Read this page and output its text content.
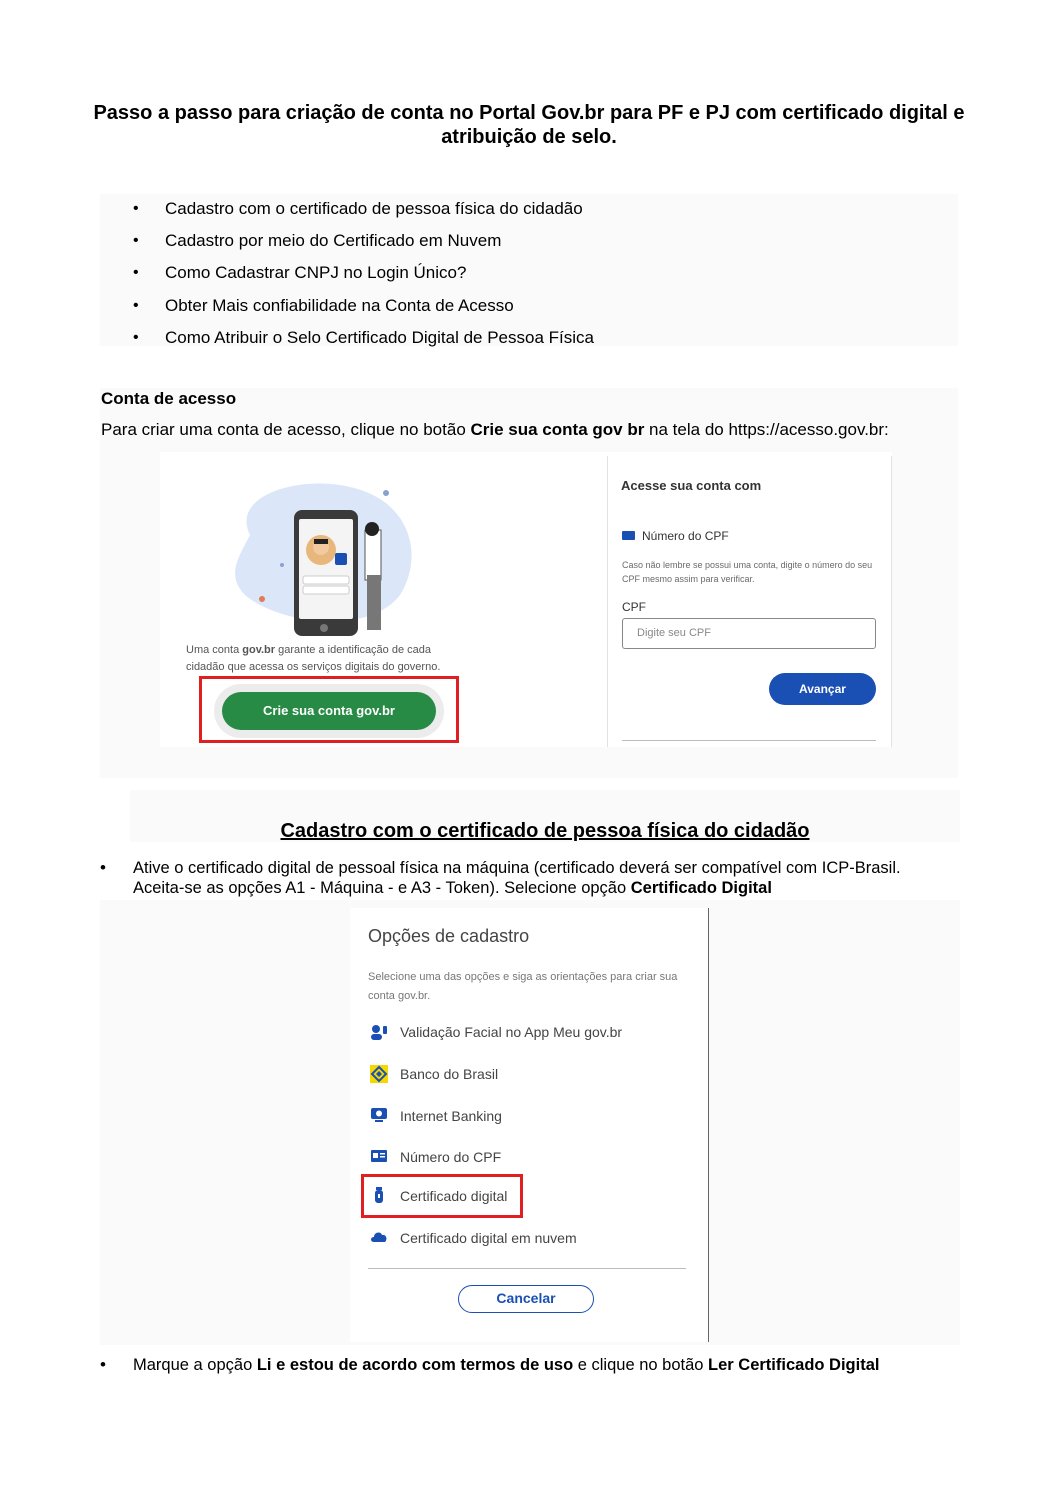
Passo a passo para criação de conta no Portal Gov.br para PF e PJ com certificado digital e atribuição de selo.
• Cadastro com o certificado de pessoa física do cidadão
• Cadastro por meio do Certificado em Nuvem
• Como Cadastrar CNPJ no Login Único?
• Obter Mais confiabilidade na Conta de Acesso
• Como Atribuir o Selo Certificado Digital de Pessoa Física
Conta de acesso
Para criar uma conta de acesso, clique no botão Crie sua conta gov br na tela do https://acesso.gov.br:
Uma conta gov.br garante a identificação de cada
cidadão que acessa os serviços digitais do governo.
Crie sua conta gov.br
Acesse sua conta com
Número do CPF
Caso não lembre se possui uma conta, digite o número do seu CPF mesmo assim para verificar.
CPF
Digite seu CPF
Avançar
Cadastro com o certificado de pessoa física do cidadão
• Ative o certificado digital de pessoal física na máquina (certificado deverá ser compatível com ICP-Brasil.
Aceita-se as opções A1 - Máquina - e A3 - Token). Selecione opção Certificado Digital
Opções de cadastro
Selecione uma das opções e siga as orientações para criar sua conta gov.br.
Validação Facial no App Meu gov.br
Banco do Brasil
Internet Banking
Número do CPF
Certificado digital
Certificado digital em nuvem
Cancelar
• Marque a opção Li e estou de acordo com termos de uso e clique no botão Ler Certificado Digital
